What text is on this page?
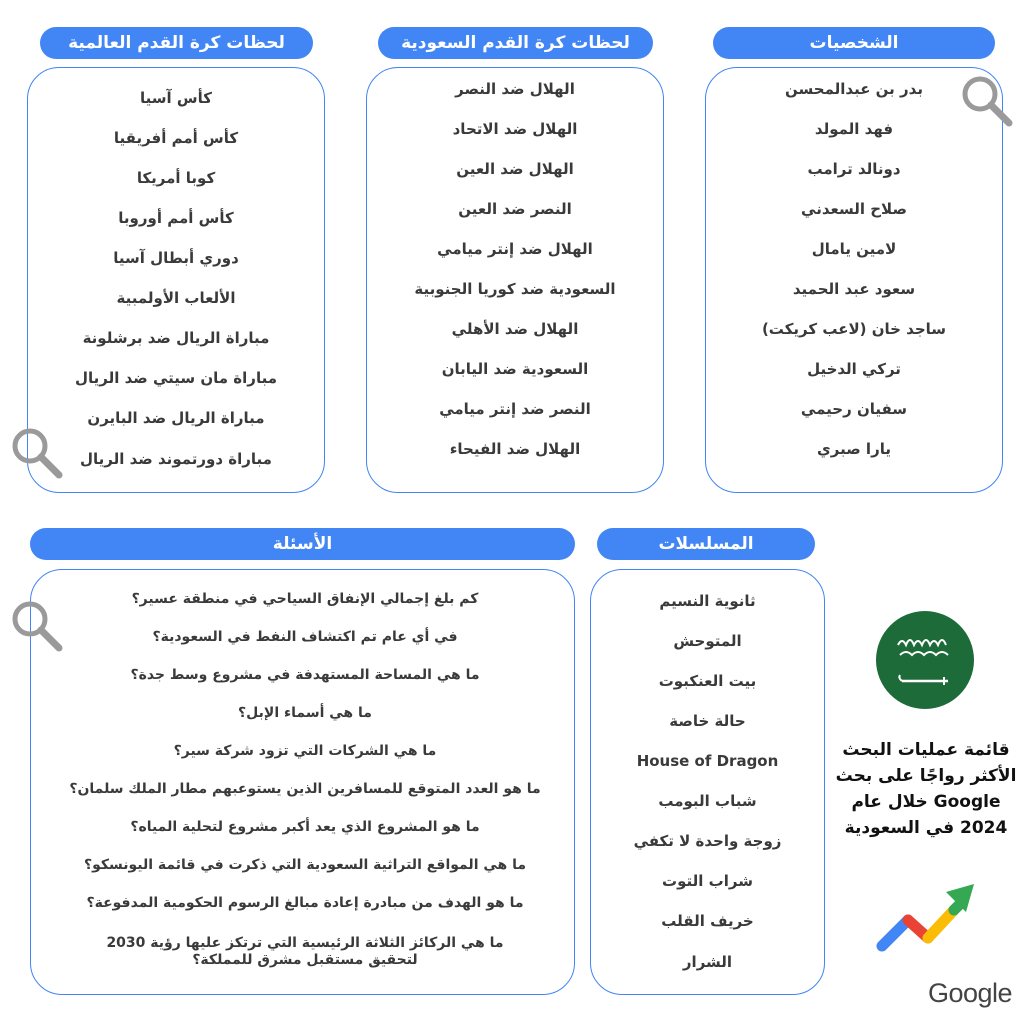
لحظات كرة القدم العالمية	لحظات كرة القدم السعودية	الشخصيات
الأسئلة	المسلسلات
كأس آسيا
كأس أمم أفريقيا
كوبا أمريكا
كأس أمم أوروبا
دوري أبطال آسيا
الألعاب الأولمبية
مباراة الريال ضد برشلونة
مباراة مان سيتي ضد الريال
مباراة الريال ضد البايرن
مباراة دورتموند ضد الريال
الهلال ضد النصر
الهلال ضد الاتحاد
الهلال ضد العين
النصر ضد العين
الهلال ضد إنتر ميامي
السعودية ضد كوريا الجنوبية
الهلال ضد الأهلي
السعودية ضد اليابان
النصر ضد إنتر ميامي
الهلال ضد الفيحاء
بدر بن عبدالمحسن
فهد المولد
دونالد ترامب
صلاح السعدني
لامين يامال
سعود عبد الحميد
ساجد خان (لاعب كريكت)
تركي الدخيل
سفيان رحيمي
يارا صبري
ثانوية النسيم
المتوحش
بيت العنكبوت
حالة خاصة
House of Dragon
شباب البومب
زوجة واحدة لا تكفي
شراب التوت
خريف القلب
الشرار
كم بلغ إجمالي الإنفاق السياحي في منطقة عسير؟
في أي عام تم اكتشاف النفط في السعودية؟
ما هي المساحة المستهدفة في مشروع وسط جدة؟
ما هي أسماء الإبل؟
ما هي الشركات التي تزود شركة سير؟
ما هو العدد المتوقع للمسافرين الذين يستوعبهم مطار الملك سلمان؟
ما هو المشروع الذي يعد أكبر مشروع لتحلية المياه؟
ما هي المواقع التراثية السعودية التي ذكرت في قائمة اليونسكو؟
ما هو الهدف من مبادرة إعادة مبالغ الرسوم الحكومية المدفوعة؟
ما هي الركائز الثلاثة الرئيسية التي ترتكز عليها رؤية 2030 لتحقيق مستقبل مشرق للمملكة؟
قائمة عمليات البحث الأكثر رواجًا على بحث Google خلال عام 2024 في السعودية
Google
